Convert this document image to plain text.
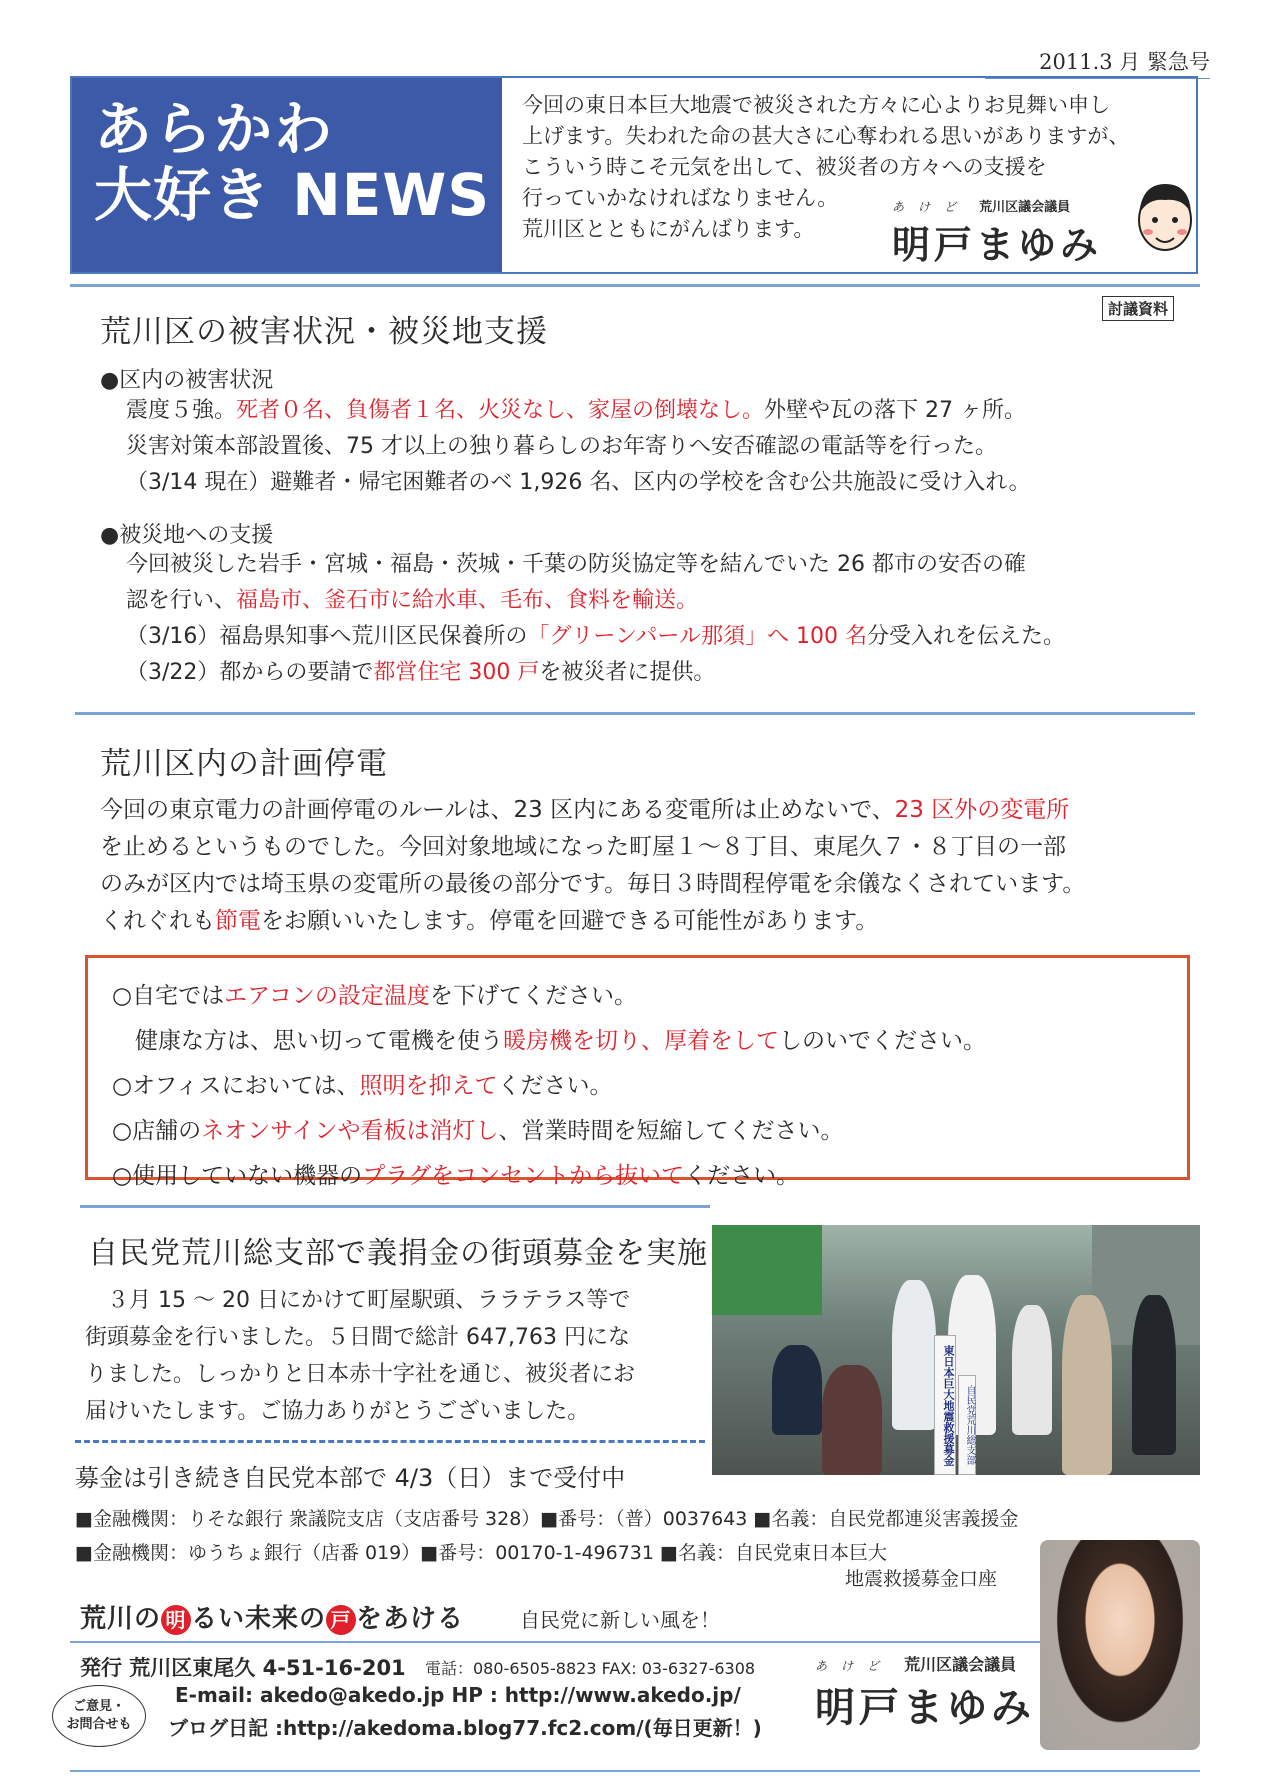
2011.3 月 緊急号
あらかわ
大好き NEWS
今回の東日本巨大地震で被災された方々に心よりお見舞い申し
上げます。失われた命の甚大さに心奪われる思いがありますが、
こういう時こそ元気を出して、被災者の方々への支援を
行っていかなければなりません。
荒川区とともにがんばります。
あけど 荒川区議会議員
明戸まゆみ
討議資料
荒川区の被害状況・被災地支援
●区内の被害状況
震度５強。死者０名、負傷者１名、火災なし、家屋の倒壊なし。外壁や瓦の落下 27 ヶ所。
災害対策本部設置後、75 才以上の独り暮らしのお年寄りへ安否確認の電話等を行った。
（3/14 現在）避難者・帰宅困難者のベ 1,926 名、区内の学校を含む公共施設に受け入れ。
●被災地への支援
今回被災した岩手・宮城・福島・茨城・千葉の防災協定等を結んでいた 26 都市の安否の確
認を行い、福島市、釜石市に給水車、毛布、食料を輸送。
（3/16）福島県知事へ荒川区民保養所の「グリーンパール那須」へ 100 名分受入れを伝えた。
（3/22）都からの要請で都営住宅 300 戸を被災者に提供。
荒川区内の計画停電
今回の東京電力の計画停電のルールは、23 区内にある変電所は止めないで、23 区外の変電所
を止めるというものでした。今回対象地域になった町屋１～８丁目、東尾久７・８丁目の一部
のみが区内では埼玉県の変電所の最後の部分です。毎日３時間程停電を余儀なくされています。
くれぐれも節電をお願いいたします。停電を回避できる可能性があります。
○自宅ではエアコンの設定温度を下げてください。
　健康な方は、思い切って電機を使う暖房機を切り、厚着をしてしのいでください。
○オフィスにおいては、照明を抑えてください。
○店舗のネオンサインや看板は消灯し、営業時間を短縮してください。
○使用していない機器のプラグをコンセントから抜いてください。
自民党荒川総支部で義捐金の街頭募金を実施
　３月 15 ～ 20 日にかけて町屋駅頭、ララテラス等で
街頭募金を行いました。５日間で総計 647,763 円にな
りました。しっかりと日本赤十字社を通じ、被災者にお
届けいたします。ご協力ありがとうございました。	東日本巨大地震救援募金 自民党荒川総支部
募金は引き続き自民党本部で 4/3（日）まで受付中
■金融機関：りそな銀行 衆議院支店（支店番号 328）■番号：（普）0037643 ■名義：自民党都連災害義援金
■金融機関：ゆうちょ銀行（店番 019）■番号：00170-1-496731 ■名義：自民党東日本巨大
地震救援募金口座
荒川の 明 るい未来の 戸 をあける	自民党に新しい風を！
発行 荒川区東尾久 4-51-16-201 電話：080-6505-8823 FAX: 03-6327-6308
E-mail: akedo@akedo.jp HP : http://www.akedo.jp/
ブログ日記 :http://akedoma.blog77.fc2.com/(毎日更新！)
ご意見・
お問合せも
あけど 荒川区議会議員
明戸まゆみ
